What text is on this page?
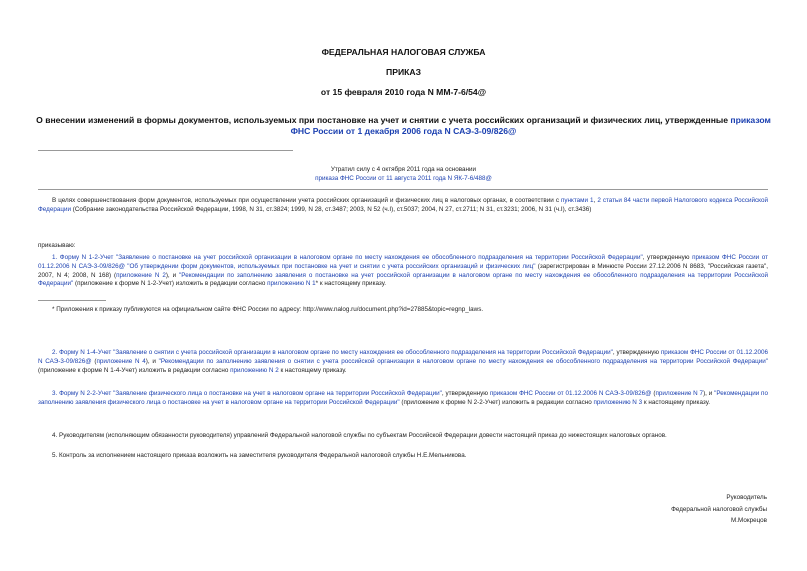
ФЕДЕРАЛЬНАЯ НАЛОГОВАЯ СЛУЖБА
ПРИКАЗ
от 15 февраля 2010 года N ММ-7-6/54@
О внесении изменений в формы документов, используемых при постановке на учет и снятии с учета российских организаций и физических лиц, утвержденные приказом ФНС России от 1 декабря 2006 года N САЭ-3-09/826@
Утратил силу с 4 октября 2011 года на основании
приказа ФНС России от 11 августа 2011 года N ЯК-7-6/488@
В целях совершенствования форм документов, используемых при осуществлении учета российских организаций и физических лиц в налоговых органах, в соответствии с пунктами 1, 2 статьи 84 части первой Налогового кодекса Российской Федерации (Собрание законодательства Российской Федерации, 1998, N 31, ст.3824; 1999, N 28, ст.3487; 2003, N 52 (ч.I), ст.5037; 2004, N 27, ст.2711; N 31, ст.3231; 2006, N 31 (ч.I), ст.3436)
приказываю:
1. Форму N 1-2-Учет "Заявление о постановке на учет российской организации в налоговом органе по месту нахождения ее обособленного подразделения на территории Российской Федерации", утвержденную приказом ФНС России от 01.12.2006 N САЭ-3-09/826@ "Об утверждении форм документов, используемых при постановке на учет и снятии с учета российских организаций и физических лиц" (зарегистрирован в Минюсте России 27.12.2006 N 8683, "Российская газета", 2007, N 4; 2008, N 168) (приложение N 2), и "Рекомендации по заполнению заявления о постановке на учет российской организации в налоговом органе по месту нахождения ее обособленного подразделения на территории Российской Федерации" (приложение к форме N 1-2-Учет) изложить в редакции согласно приложению N 1* к настоящему приказу.
* Приложения к приказу публикуются на официальном сайте ФНС России по адресу: http://www.nalog.ru/document.php?id=27885&topic=regnp_laws.
2. Форму N 1-4-Учет "Заявление о снятии с учета российской организации в налоговом органе по месту нахождения ее обособленного подразделения на территории Российской Федерации", утвержденную приказом ФНС России от 01.12.2006 N САЭ-3-09/826@ (приложение N 4), и "Рекомендации по заполнению заявления о снятии с учета российской организации в налоговом органе по месту нахождения ее обособленного подразделения на территории Российской Федерации" (приложение к форме N 1-4-Учет) изложить в редакции согласно приложению N 2 к настоящему приказу.
3. Форму N 2-2-Учет "Заявление физического лица о постановке на учет в налоговом органе на территории Российской Федерации", утвержденную приказом ФНС России от 01.12.2006 N САЭ-3-09/826@ (приложение N 7), и "Рекомендации по заполнению заявления физического лица о постановке на учет в налоговом органе на территории Российской Федерации" (приложение к форме N 2-2-Учет) изложить в редакции согласно приложению N 3 к настоящему приказу.
4. Руководителям (исполняющим обязанности руководителя) управлений Федеральной налоговой службы по субъектам Российской Федерации довести настоящий приказ до нижестоящих налоговых органов.
5. Контроль за исполнением настоящего приказа возложить на заместителя руководителя Федеральной налоговой службы Н.Е.Мельникова.
Руководитель
Федеральной налоговой службы
М.Мокрецов
